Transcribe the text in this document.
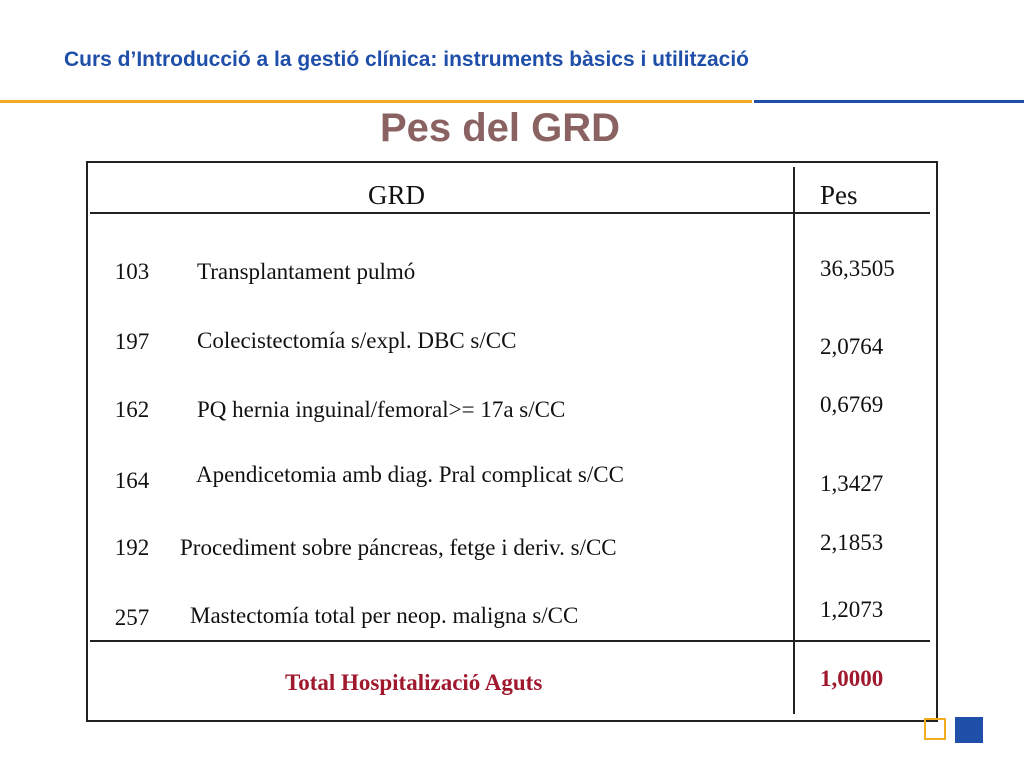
Curs d’Introducció a la gestió clínica: instruments bàsics i utilització
Pes del GRD
GRD	Pes
103	Transplantament pulmó	36,3505
197	Colecistectomía s/expl. DBC s/CC	2,0764
162	PQ hernia inguinal/femoral>= 17a s/CC	0,6769
164	Apendicetomia amb diag. Pral complicat s/CC	1,3427
192	Procediment sobre páncreas, fetge i deriv. s/CC	2,1853
257	Mastectomía total per neop. maligna s/CC	1,2073
Total Hospitalizació Aguts	1,0000
